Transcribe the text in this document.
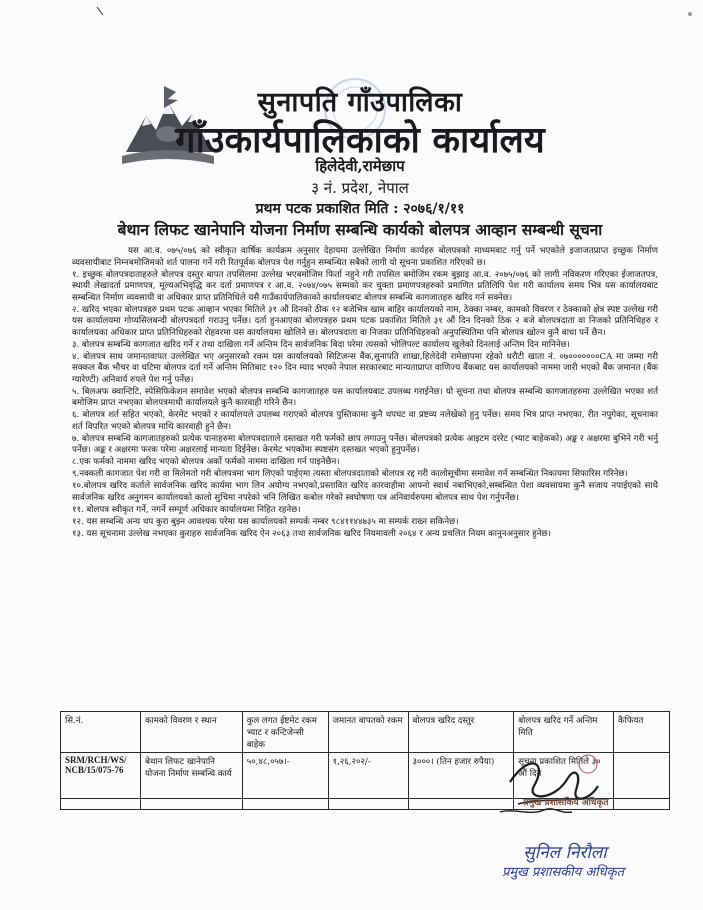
सुनापति गाँउपालिका
गाँउकार्यपालिकाको कार्यालय
हिलेदेवी,रामेछाप
३ नं. प्रदेश, नेपाल
प्रथम पटक प्रकाशित मिति : २०७६/१/११
बेथान लिफट खानेपानि योजना निर्माण सम्बन्धि कार्यको बोलपत्र आव्हान सम्बन्धी सूचना

यस आ.व. ०७५/०७६ को स्वीकृत वार्षिक कार्यक्रम अनुसार देहायमा उल्लेखित निर्माण कार्यहरु बोलपत्रको माध्यमबाट गर्नु पर्ने भएकोले इजाजतप्राप्त इच्छुक निर्माण व्यवसायीबाट निम्नबमोजिमको शर्त पालना गर्ने गरी रितपूर्वक बोलपत्र पेश गर्नुहुन सम्बन्धित सबैको लागी यो सूचना प्रकाशित गरिएको छ।

१. इच्छुक बोलपत्रदाताहरुले बोलपत्र दस्तुर बापत तपसिलमा उल्लेख भएबमोजिम फिर्ता नहुने गरी तपसिल बमोजिम रकम बुझाइ आ.व. २०७५/०७६ को लागी नविकरण गरिएका ईजाजतपत्र, स्थायी लेखादर्ता प्रमाणपत्र, मूल्यअभिवृद्धि कर दर्ता प्रमाणपत्र र आ.व. २०७४/०७५ सम्मको कर चुक्ता प्रमाणपत्रहरुको प्रमाणित प्रतिलिपि पेश गरी कार्यालय समय भित्र यस कार्यालयबाट सम्बन्धित निर्माण व्यवसायी वा अधिकार प्राप्त प्रतिनिधिले यसै गाउँकार्यपालिकाको कार्यालयबाट बोलपत्र सम्बन्धि कागजातहरु खरिद गर्न सक्नेछ।

२. खरिद भएका बोलपत्रहरु प्रथम पटक आव्हान भएका मितिले ३१ औं दिनको ठीक १२ बजेभित्र खाम बाहिर कार्यालयको नाम, ठेक्का नम्बर, कामको विवरण र ठेक्काको क्षेत्र स्पष्ट उल्लेख गरी यस कार्यालयमा गोप्यसिलबन्दी बोलपत्रदर्ता गराउनु पर्नेछ। दर्ता हुनआएका बोलपत्रहरु प्रथम पटक प्रकाशित मितिले ३१ औं दिन दिनको ठिक २ बजे बोलपत्रदाता वा निजको प्रतिनिधिहरु र कार्यालयका अधिकार प्राप्त प्रतिनिधिहरुको रोहवरमा यस कार्यालयमा खोलिने छ। बोलपत्रदाता वा निजका प्रतिनिधिहरुको अनुपस्थितिमा पनि बोलपत्र खोल्न कुनै बाधा पर्ने छैन।

३. बोलपत्र सम्बन्धि कागजात खरिद गर्ने र तथा दाखिला गर्ने अन्तिम दिन सार्वजनिक बिदा परेमा त्यसको भोलिपल्ट कार्यालय खुलेको दिनलाई अन्तिम दिन मानिनेछ।

४. बोलपत्र साथ जमानतवापत उल्लेखित भए अनुसारको रकम यस कार्यालयको सिटिजन्स बैंक,सुनापति शाखा,हिलेदेवी रामेछापमा रहेको धरौटी खाता नं. ०७०००००००CA मा जम्मा गरी सक्कल बैंक भौचर वा घटिमा बोलपत्र दर्ता गर्ने अन्तिम मितिबाट १२० दिन म्याद भएको नेपाल सरकारबाट मान्यताप्राप्त वाणिज्य बैंकबाट यस कार्यालयको नाममा जारी भएको बैंक जमानत (बैंक ग्यारेण्टी) अनिवार्य रुपले पेश गर्नु पर्नेछ।

५. बिलअफ क्वान्टिटि, स्पेसिफिकेशन समावेश भएको बोलपत्र सम्बन्धि कागजातहरु यस कार्यालयबाट उपलब्ध गराईनेछ। यो सूचना तथा बोलपत्र सम्बन्धि कागजातहरुमा उल्लेखित भएका शर्त बमोजिम प्राप्त नभएका बोलपत्रमाथी कार्यालयले कुनै कारवाही गरिने छैन।

६. बोलपत्र शर्त सहित भएको, केरमेट भएको र कार्यालयले उपलब्ध गराएको बोलपत्र पुस्तिकामा कुनै थपघट वा प्रष्टव्य नलेखेको हुनु पर्नेछ। समय भित्र प्राप्त नभएका, रीत नपुगेका, सूचनाका शर्त विपरित भएको बोलपत्र माथि कारवाही हुने छैन।

७. बोलपत्र सम्बन्धि कागजातहरुको प्रत्येक पानाहरुमा बोलपत्रदाताले दस्तखत गरी फर्मको छाप लगाउनु पर्नेछ। बोलपत्रको प्रत्येक आइटम दररेट (भ्याट बाहेकको) अङ्क र अक्षरमा बुभिने गरी भर्नु पर्नेछ। अङ्क र अक्षरमा फरक परेमा अक्षरलाई मान्यता दिईनेछ। केरमेट भएकोमा स्पष्टसंग दस्तखत भएको हुनुपर्नेछ।

८.एक फर्मको नाममा खरिद भएको बोलपत्र अर्को फर्मको नाममा दाखिला गर्न पाइनेछैन।

९.नक्कली कागजात पेश गरी वा मिलेमतो गरी बोलपत्रमा भाग लिएको पाईएमा त्यस्ता बोलपत्रदाताको बोलपत्र रद्द गरी कालोसूचीमा समावेश गर्न सम्बन्धित निकायमा सिफारिस गरिनेछ।

१०.बोलपत्र खरिद कर्ताले सार्वजनिक खरिद कार्यमा भाग लिन अयोग्य नभएको,प्रस्तावित खरिद कारवाहीमा आफ्नो स्वार्थ नबाभिएको,सम्बन्धित पेशा व्यवसायमा कुनै सजाय नपाईएको साथै सार्वजनिक खरिद अनुगमन कार्यालयको कालो सुचिमा नपरेको भनि लिखित कबोल गरेको स्वघोषणा पत्र अनिवार्यरुपमा बोलपत्र साथ पेश गर्नुपर्नेछ।

११. बोलपत्र स्वीकृत गर्ने, नगर्ने सम्पूर्ण अधिकार कार्यालयमा निहित रहनेछ।

१२. यस सम्बन्धि अन्य थप कुरा बुझ्न आवश्यक परेमा यस कार्यालयको सम्पर्क नम्बर ९८४११४४७३५ मा सम्पर्क राख्न सकिनेछ।

१३. यस सूचनामा उल्लेख नभएका कुराहरु सार्वजनिक खरिद ऐन २०६३ तथा सार्वजनिक खरिद नियमावली २०६४ र अन्य प्रचलित नियम कानुनअनुसार हुनेछ।

सि.नं.	कामको विवरण र स्थान	कुल लगत ईष्टमेट रकम भ्याट र कन्टिजेन्सी बाहेक	जमानत बापतको रकम	बोलपत्र खरिद दस्तुर	बोलपत्र खरिद गर्ने अन्तिम मिति	कैफियत
SRM/RCH/WS/ NCB/15/075-76	बेथान लिफट खानेपानि योजना निर्माण सम्बन्धि कार्य	५०,४८,०५७।-	१,२६,२०२/-	३०००। (तिन हजार रुपैया)	सूचना प्रकाशित मितिले ३० औं दिन	

प्रमुख प्रशासकिय अधिकृत
सुनिल निरौला
प्रमुख प्रशासकीय अधिकृत
